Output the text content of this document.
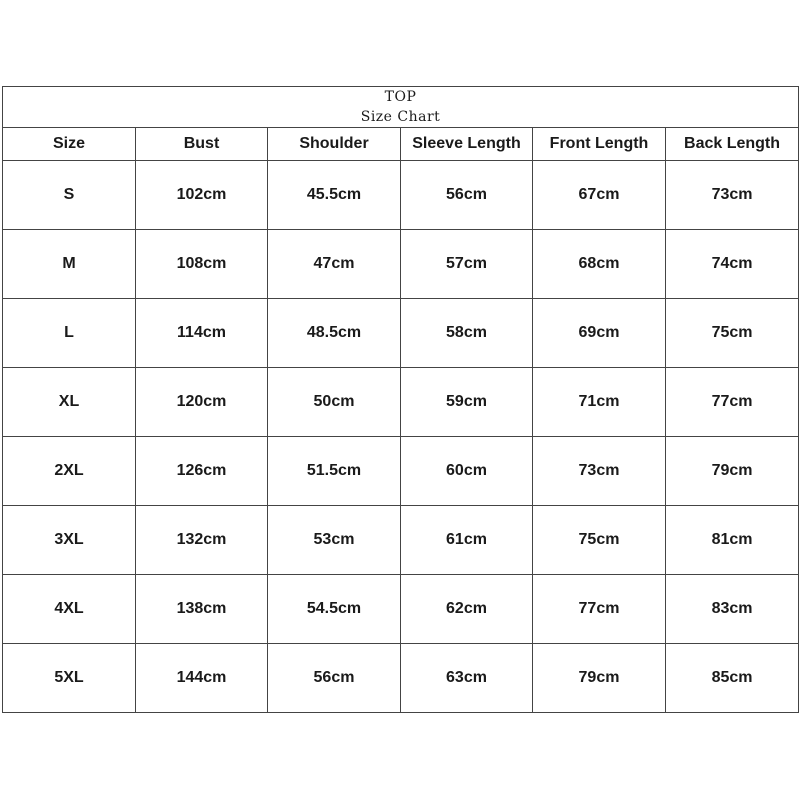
TOP
Size Chart					

Size	Bust	Shoulder	Sleeve Length	Front Length	Back Length
S	102cm	45.5cm	56cm	67cm	73cm
M	108cm	47cm	57cm	68cm	74cm
L	114cm	48.5cm	58cm	69cm	75cm
XL	120cm	50cm	59cm	71cm	77cm
2XL	126cm	51.5cm	60cm	73cm	79cm
3XL	132cm	53cm	61cm	75cm	81cm
4XL	138cm	54.5cm	62cm	77cm	83cm
5XL	144cm	56cm	63cm	79cm	85cm
